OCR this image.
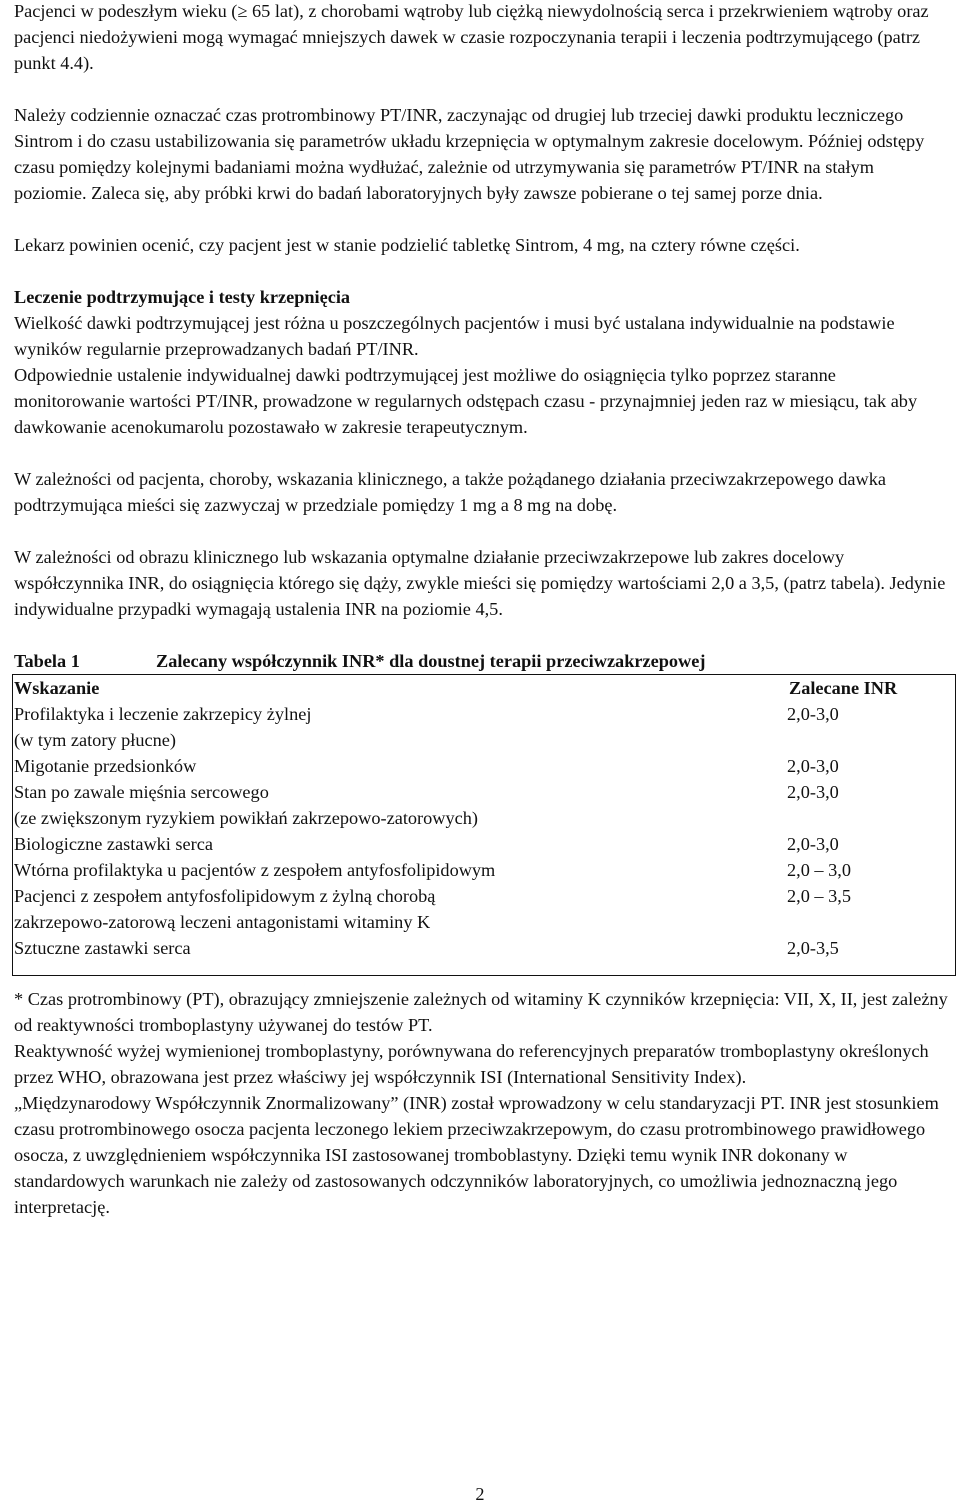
Pacjenci w podeszłym wieku (≥ 65 lat), z chorobami wątroby lub ciężką niewydolnością serca i przekrwieniem wątroby oraz pacjenci niedożywieni mogą wymagać mniejszych dawek w czasie rozpoczynania terapii i leczenia podtrzymującego (patrz punkt 4.4).

Należy codziennie oznaczać czas protrombinowy PT/INR, zaczynając od drugiej lub trzeciej dawki produktu leczniczego Sintrom i do czasu ustabilizowania się parametrów układu krzepnięcia w optymalnym zakresie docelowym. Później odstępy czasu pomiędzy kolejnymi badaniami można wydłużać, zależnie od utrzymywania się parametrów PT/INR na stałym poziomie. Zaleca się, aby próbki krwi do badań laboratoryjnych były zawsze pobierane o tej samej porze dnia.

Lekarz powinien ocenić, czy pacjent jest w stanie podzielić tabletkę Sintrom, 4 mg, na cztery równe części.

Leczenie podtrzymujące i testy krzepnięcia

Wielkość dawki podtrzymującej jest różna u poszczególnych pacjentów i musi być ustalana indywidualnie na podstawie wyników regularnie przeprowadzanych badań PT/INR.

Odpowiednie ustalenie indywidualnej dawki podtrzymującej jest możliwe do osiągnięcia tylko poprzez staranne monitorowanie wartości PT/INR, prowadzone w regularnych odstępach czasu - przynajmniej jeden raz w miesiącu, tak aby dawkowanie acenokumarolu pozostawało w zakresie terapeutycznym.

W zależności od pacjenta, choroby, wskazania klinicznego, a także pożądanego działania przeciwzakrzepowego dawka podtrzymująca mieści się zazwyczaj w przedziale pomiędzy 1 mg a 8 mg na dobę.

W zależności od obrazu klinicznego lub wskazania optymalne działanie przeciwzakrzepowe lub zakres docelowy współczynnika INR, do osiągnięcia którego się dąży, zwykle mieści się pomiędzy wartościami 2,0 a 3,5, (patrz tabela). Jedynie indywidualne przypadki wymagają ustalenia INR na poziomie 4,5.

Tabela 1	Zalecany współczynnik INR* dla doustnej terapii przeciwzakrzepowej
Wskazanie	Zalecane INR
Profilaktyka i leczenie zakrzepicy żylnej	2,0-3,0
(w tym zatory płucne)
Migotanie przedsionków	2,0-3,0
Stan po zawale mięśnia sercowego	2,0-3,0
(ze zwiększonym ryzykiem powikłań zakrzepowo-zatorowych)
Biologiczne zastawki serca	2,0-3,0
Wtórna profilaktyka u pacjentów z zespołem antyfosfolipidowym	2,0 – 3,0
Pacjenci z zespołem antyfosfolipidowym z żylną chorobą	2,0 – 3,5
zakrzepowo-zatorową leczeni antagonistami witaminy K
Sztuczne zastawki serca	2,0-3,5

* Czas protrombinowy (PT), obrazujący zmniejszenie zależnych od witaminy K czynników krzepnięcia: VII, X, II, jest zależny od reaktywności tromboplastyny używanej do testów PT.

Reaktywność wyżej wymienionej tromboplastyny, porównywana do referencyjnych preparatów tromboplastyny określonych przez WHO, obrazowana jest przez właściwy jej współczynnik ISI (International Sensitivity Index).

„Międzynarodowy Współczynnik Znormalizowany” (INR) został wprowadzony w celu standaryzacji PT. INR jest stosunkiem czasu protrombinowego osocza pacjenta leczonego lekiem przeciwzakrzepowym, do czasu protrombinowego prawidłowego osocza, z uwzględnieniem współczynnika ISI zastosowanej tromboblastyny. Dzięki temu wynik INR dokonany w standardowych warunkach nie zależy od zastosowanych odczynników laboratoryjnych, co umożliwia jednoznaczną jego interpretację.

2
